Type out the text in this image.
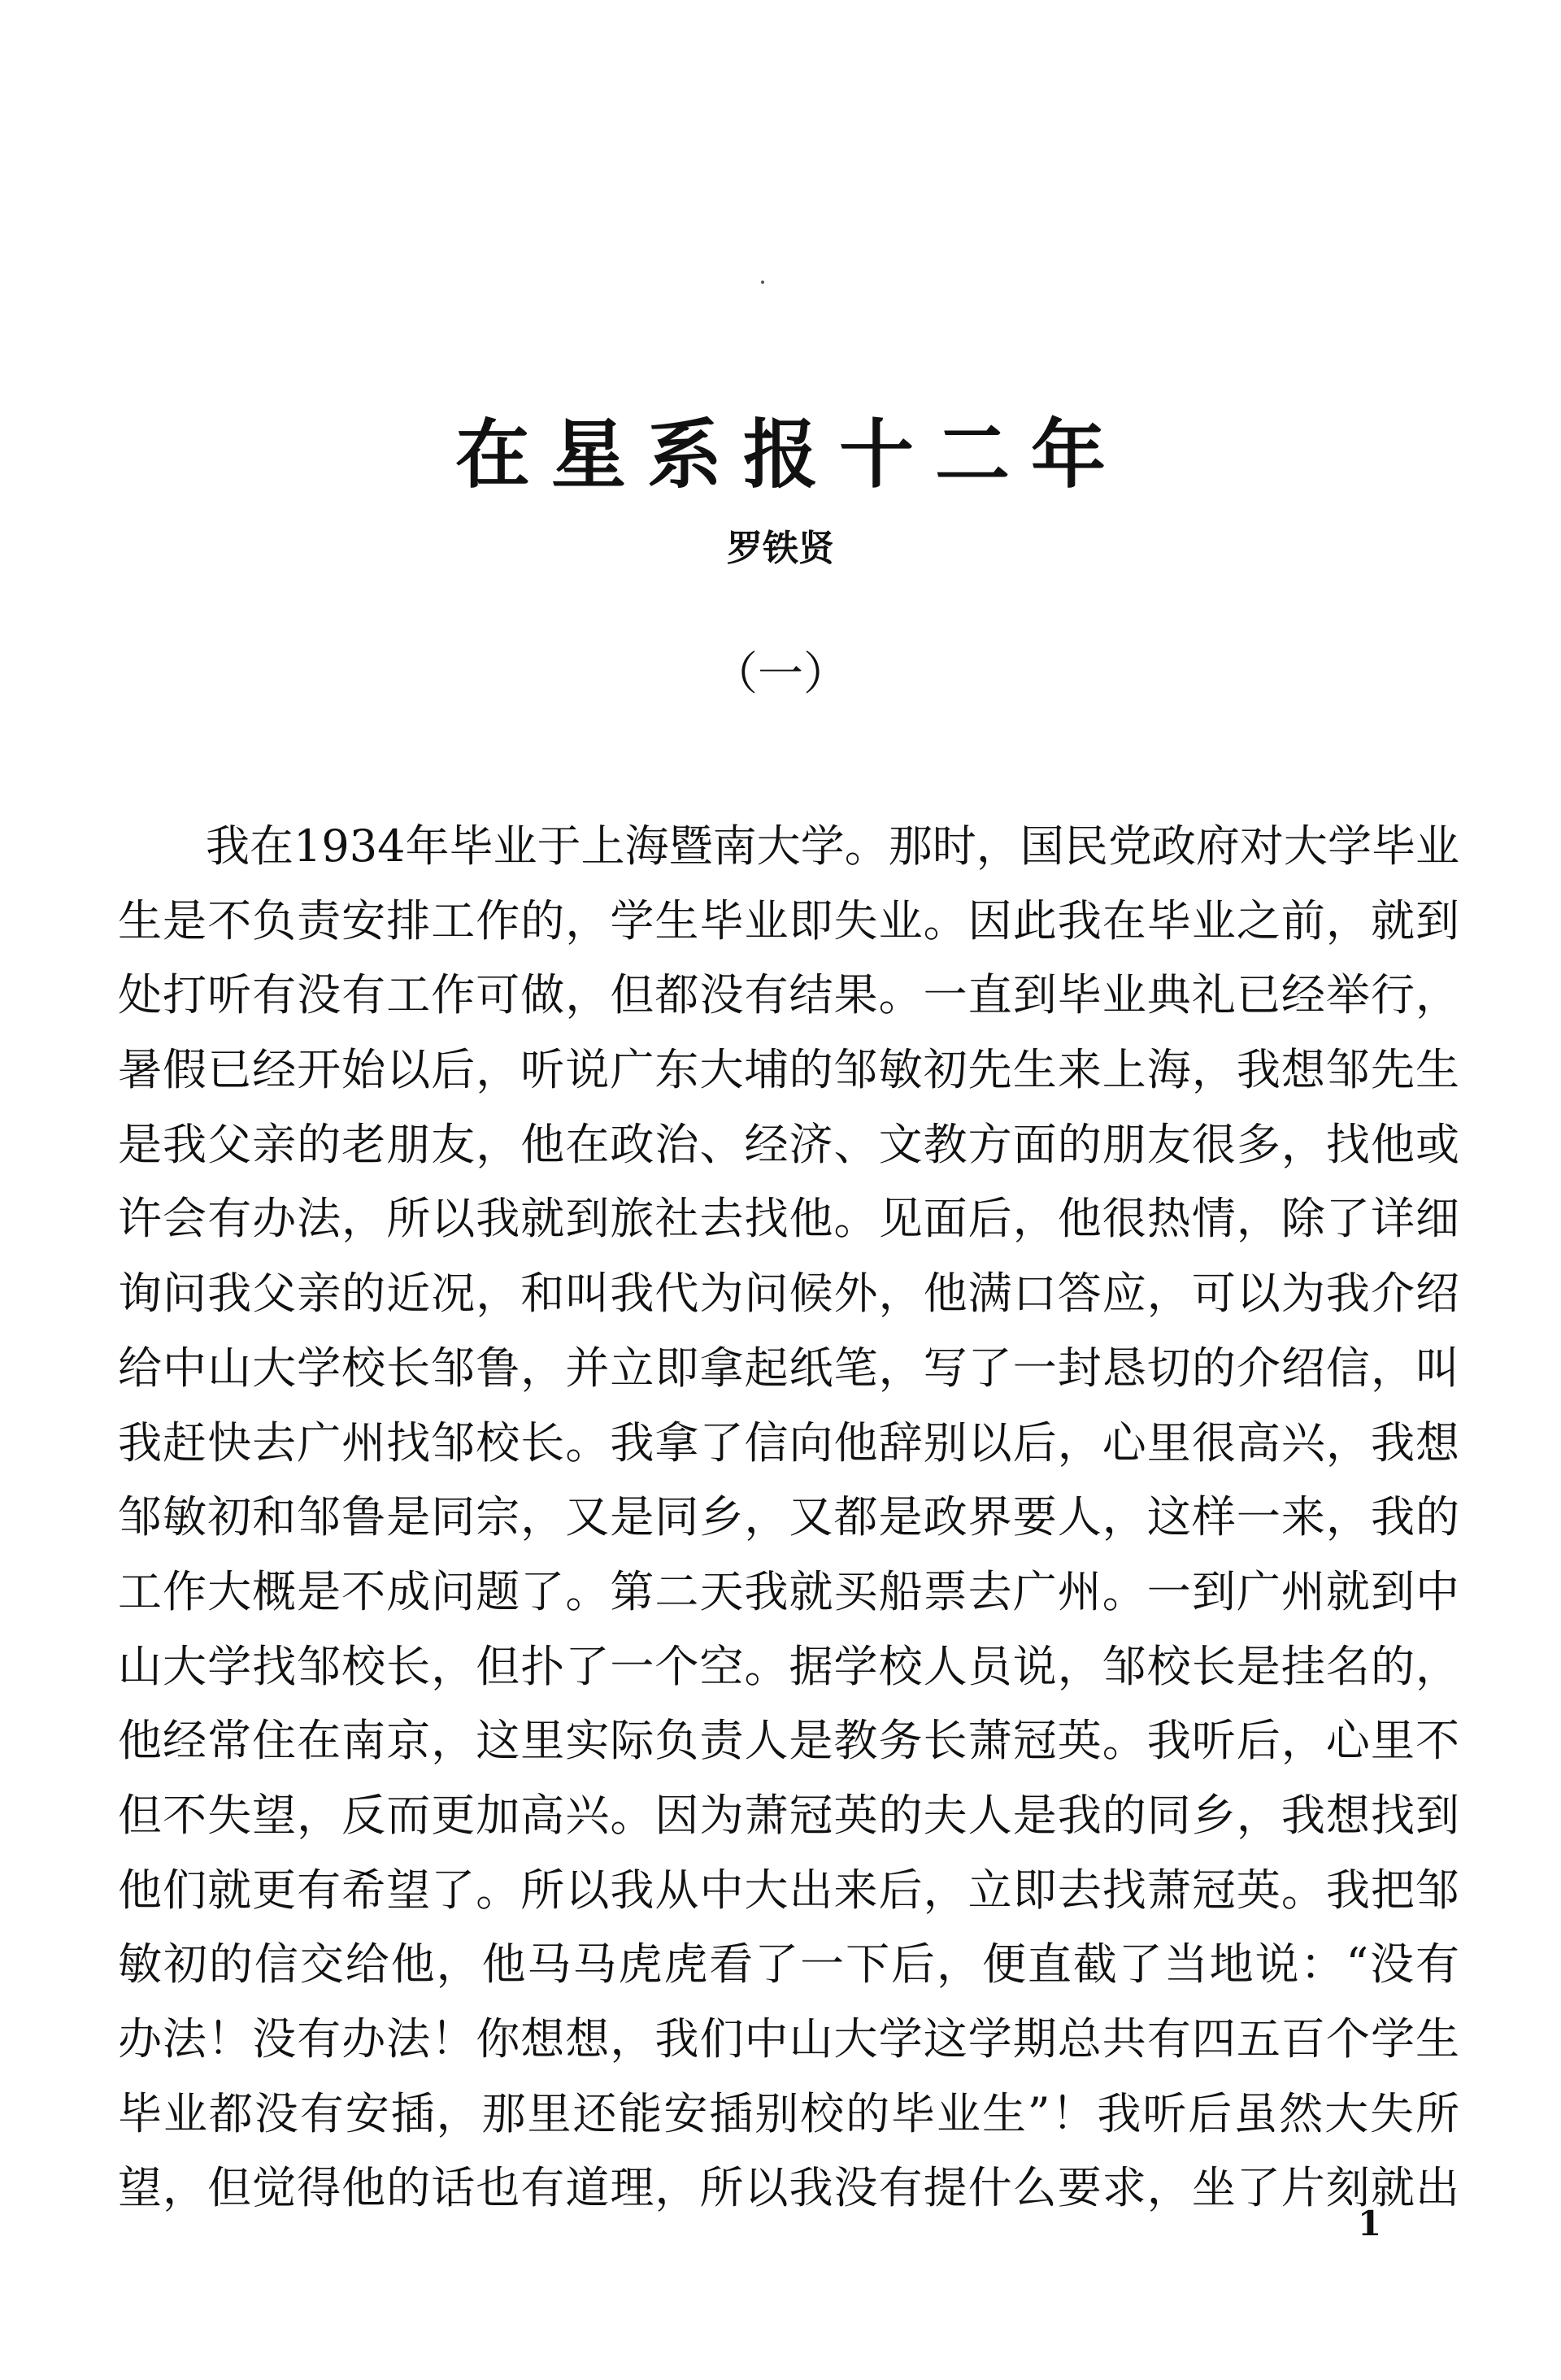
在星系报十二年
罗铁贤
（一）
我在1934年毕业于上海暨南大学。那时，国民党政府对大学毕业
生是不负责安排工作的，学生毕业即失业。因此我在毕业之前，就到
处打听有没有工作可做，但都没有结果。一直到毕业典礼已经举行，
暑假已经开始以后，听说广东大埔的邹敏初先生来上海，我想邹先生
是我父亲的老朋友，他在政治、经济、文教方面的朋友很多，找他或
许会有办法，所以我就到旅社去找他。见面后，他很热情，除了详细
询问我父亲的近况，和叫我代为问候外，他满口答应，可以为我介绍
给中山大学校长邹鲁，并立即拿起纸笔，写了一封恳切的介绍信，叫
我赶快去广州找邹校长。我拿了信向他辞别以后，心里很高兴，我想
邹敏初和邹鲁是同宗，又是同乡，又都是政界要人，这样一来，我的
工作大概是不成问题了。第二天我就买船票去广州。一到广州就到中
山大学找邹校长，但扑了一个空。据学校人员说，邹校长是挂名的，
他经常住在南京，这里实际负责人是教务长萧冠英。我听后，心里不
但不失望，反而更加高兴。因为萧冠英的夫人是我的同乡，我想找到
他们就更有希望了。所以我从中大出来后，立即去找萧冠英。我把邹
敏初的信交给他，他马马虎虎看了一下后，便直截了当地说：“没有
办法！没有办法！你想想，我们中山大学这学期总共有四五百个学生
毕业都没有安插，那里还能安插别校的毕业生”！我听后虽然大失所
望，但觉得他的话也有道理，所以我没有提什么要求，坐了片刻就出
1
